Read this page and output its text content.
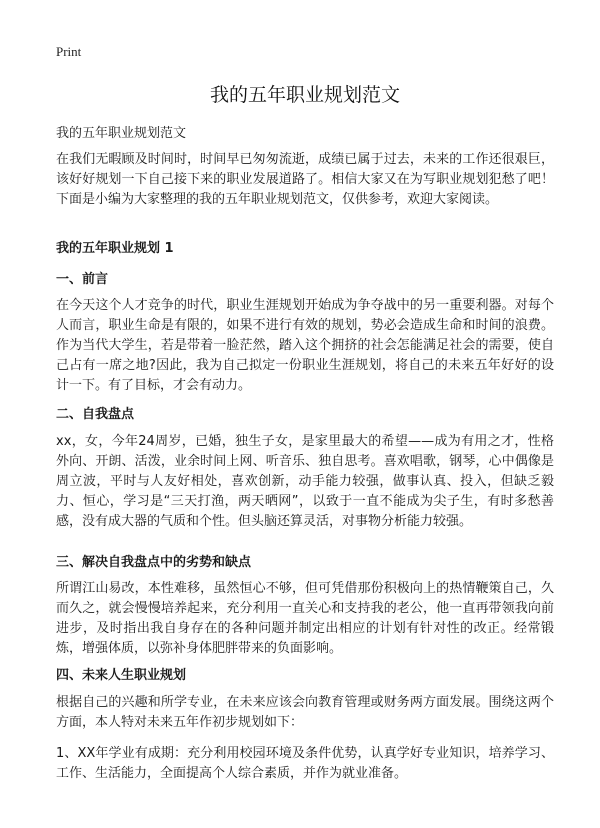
Print
我的五年职业规划范文

我的五年职业规划范文

在我们无暇顾及时间时，时间早已匆匆流逝，成绩已属于过去，未来的工作还很艰巨，该好好规划一下自己接下来的职业发展道路了。相信大家又在为写职业规划犯愁了吧！下面是小编为大家整理的我的五年职业规划范文，仅供参考，欢迎大家阅读。

我的五年职业规划 1

一、前言

在今天这个人才竞争的时代，职业生涯规划开始成为争夺战中的另一重要利器。对每个人而言，职业生命是有限的，如果不进行有效的规划，势必会造成生命和时间的浪费。作为当代大学生，若是带着一脸茫然，踏入这个拥挤的社会怎能满足社会的需要，使自己占有一席之地?因此，我为自己拟定一份职业生涯规划，将自己的未来五年好好的设计一下。有了目标，才会有动力。

二、自我盘点

xx，女，今年24周岁，已婚，独生子女，是家里最大的希望——成为有用之才，性格外向、开朗、活泼，业余时间上网、听音乐、独自思考。喜欢唱歌，钢琴，心中偶像是周立波，平时与人友好相处，喜欢创新，动手能力较强，做事认真、投入，但缺乏毅力、恒心，学习是“三天打渔，两天晒网”，以致于一直不能成为尖子生，有时多愁善感，没有成大器的气质和个性。但头脑还算灵活，对事物分析能力较强。

三、解决自我盘点中的劣势和缺点

所谓江山易改，本性难移，虽然恒心不够，但可凭借那份积极向上的热情鞭策自己，久而久之，就会慢慢培养起来，充分利用一直关心和支持我的老公，他一直再带领我向前进步，及时指出我自身存在的各种问题并制定出相应的计划有针对性的改正。经常锻炼，增强体质，以弥补身体肥胖带来的负面影响。

四、未来人生职业规划

根据自己的兴趣和所学专业，在未来应该会向教育管理或财务两方面发展。围绕这两个方面，本人特对未来五年作初步规划如下：

1、XX年学业有成期：充分利用校园环境及条件优势，认真学好专业知识，培养学习、工作、生活能力，全面提高个人综合素质，并作为就业准备。
